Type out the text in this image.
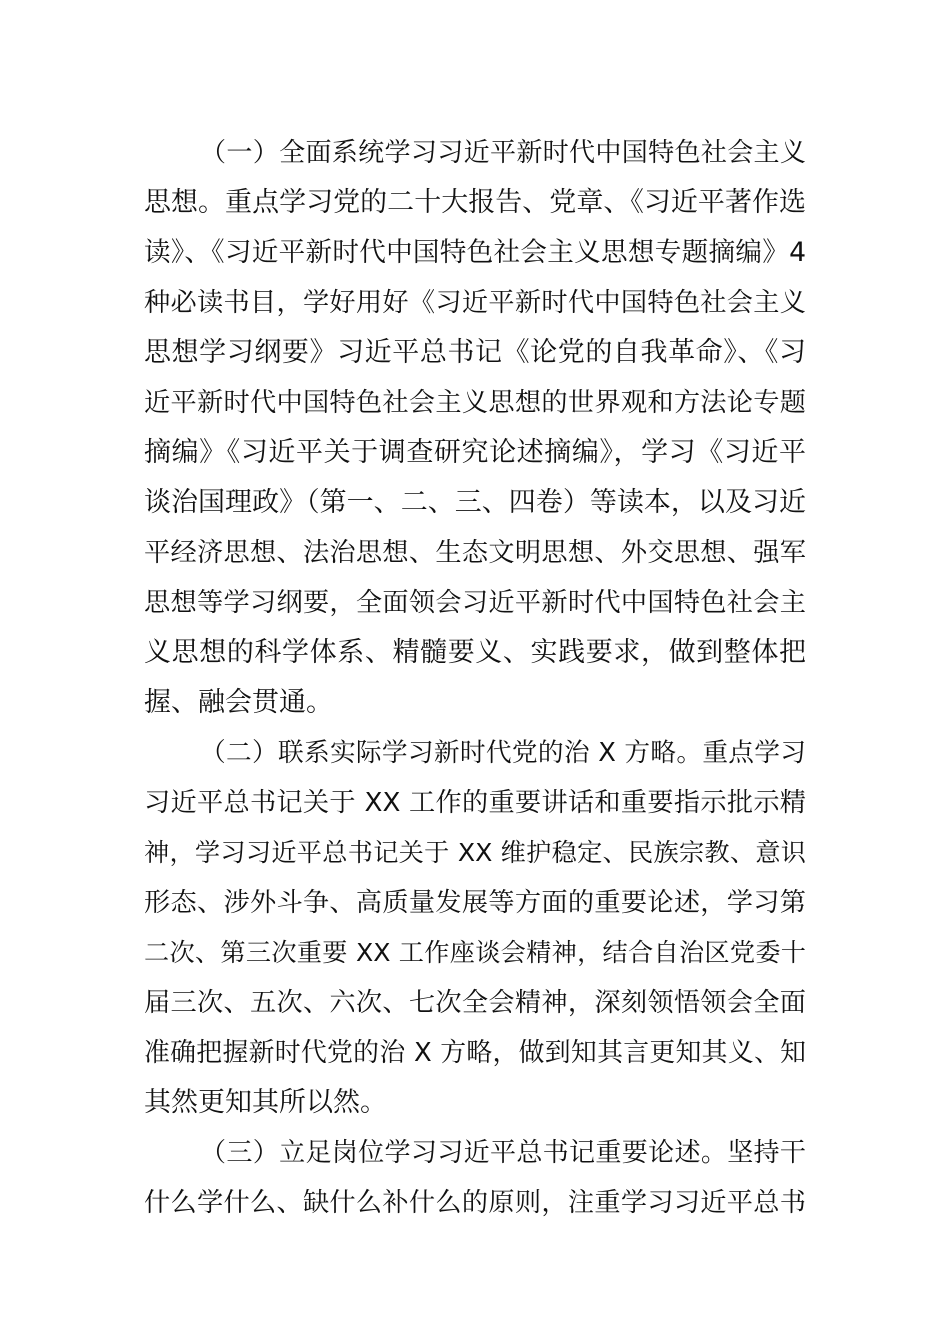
（一）全面系统学习习近平新时代中国特色社会主义
思想。重点学习党的二十大报告、党章、《习近平著作选
读》、《习近平新时代中国特色社会主义思想专题摘编》4
种必读书目，学好用好《习近平新时代中国特色社会主义
思想学习纲要》习近平总书记《论党的自我革命》、《习
近平新时代中国特色社会主义思想的世界观和方法论专题
摘编》《习近平关于调查研究论述摘编》，学习《习近平
谈治国理政》（第一、二、三、四卷）等读本，以及习近
平经济思想、法治思想、生态文明思想、外交思想、强军
思想等学习纲要，全面领会习近平新时代中国特色社会主
义思想的科学体系、精髓要义、实践要求，做到整体把
握、融会贯通。
（二）联系实际学习新时代党的治 X 方略。重点学习
习近平总书记关于 XX 工作的重要讲话和重要指示批示精
神，学习习近平总书记关于 XX 维护稳定、民族宗教、意识
形态、涉外斗争、高质量发展等方面的重要论述，学习第
二次、第三次重要 XX 工作座谈会精神，结合自治区党委十
届三次、五次、六次、七次全会精神，深刻领悟领会全面
准确把握新时代党的治 X 方略，做到知其言更知其义、知
其然更知其所以然。
（三）立足岗位学习习近平总书记重要论述。坚持干
什么学什么、缺什么补什么的原则，注重学习习近平总书
